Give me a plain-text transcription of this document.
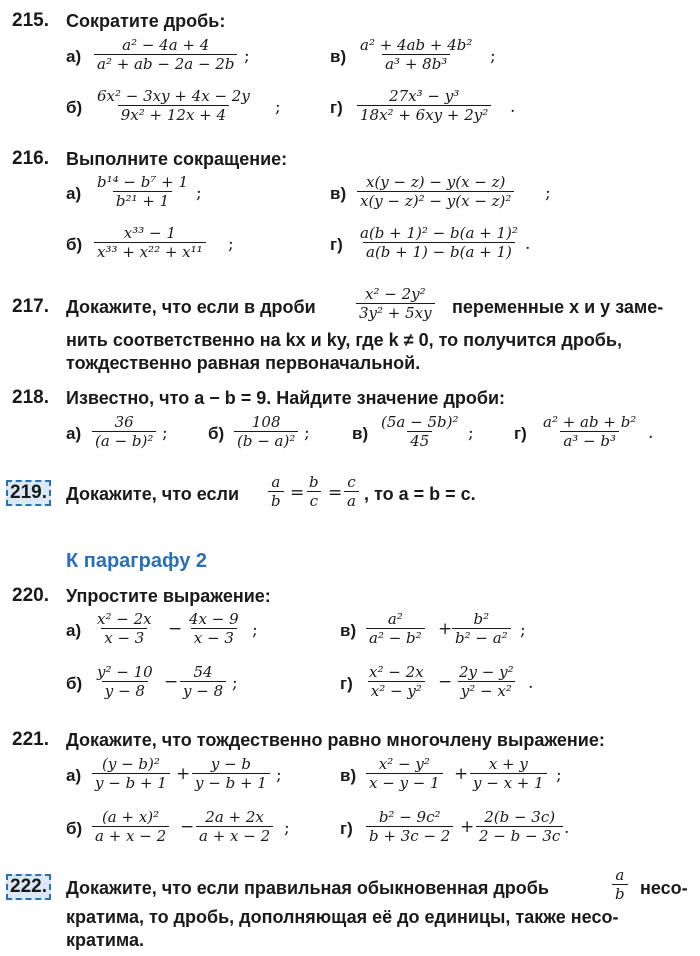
215. Сократите дробь:
$а) \frac{\text{a² − 4a + 4}}{\text{a² + ab − 2a − 2b}}$ ;	$в) \frac{\text{a² + 4ab + 4b²}}{\text{a³ + 8b³}}$ ;
$б) \frac{\text{6x² − 3xy + 4x − 2y}}{\text{9x² + 12x + 4}}$ ;	$г) \frac{\text{27x³ − y³}}{\text{18x² + 6xy + 2y²}}$ .
216. Выполните сокращение:
$а) \frac{\text{b¹⁴ − b⁷ + 1}}{\text{b²¹ + 1}}$ ;	$в) \frac{x(y - z) - y(x - z)}{\text{x(y − z)² − y(x − z)²}}$ ;
$б) \frac{\text{x³³ − 1}}{\text{x³³ + x²² + x¹¹}}$ ;	$г) \frac{\text{a(b + 1)² − b(a + 1)²}}{a(b + 1) - b(a + 1)}$ .
217. Докажите, что если в дроби	$\frac{\text{x² − 2y²}}{\text{3y² + 5xy}}$ переменные x и y заме-
нить соответственно на kx и ky, где k ≠ 0, то получится дробь,
тождественно равная первоначальной.
218. Известно, что a − b = 9. Найдите значение дроби:
$а) \frac{36}{\text{(a − b)²}}$ ; $б) \frac{108}{\text{(b − a)²}}$ ; $в) \frac{\text{(5a − 5b)²}}{45}$ ; $г) \frac{\text{a² + ab + b²}}{\text{a³ − b³}}$ .
219. Докажите, что если $\frac{a}{b} = \frac{b}{c} = \frac{c}{a}$ , то a = b = c.
К параграфу 2
220. Упростите выражение:
$а) \frac{\text{x² − 2x}}{x - 3} - \frac{4x - 9}{x - 3}$ ;	$в) \frac{\text{a²}}{\text{a² − b²}} + \frac{\text{b²}}{\text{b² − a²}}$ ;
$б) \frac{\text{y² − 10}}{y - 8} - \frac{54}{y - 8}$ ;	$г) \frac{\text{x² − 2x}}{\text{x² − y²}} - \frac{\text{2y − y²}}{\text{y² − x²}}$ .
221. Докажите, что тождественно равно многочлену выражение:
$а) \frac{\text{(y − b)²}}{y - b + 1} + \frac{y - b}{y - b + 1}$ ;	$в) \frac{\text{x² − y²}}{x - y - 1} + \frac{x + y}{y - x + 1}$ ;
$б) \frac{\text{(a + x)²}}{a + x - 2} - \frac{2a + 2x}{a + x - 2}$ ;	$г) \frac{\text{b² − 9c²}}{b + 3c - 2} + \frac{2(b - 3c)}{2 - b - 3c}$ .
222. Докажите, что если правильная обыкновенная дробь	$\frac{a}{b}$ несо-
кратима, то дробь, дополняющая её до единицы, также несо-
кратима.
